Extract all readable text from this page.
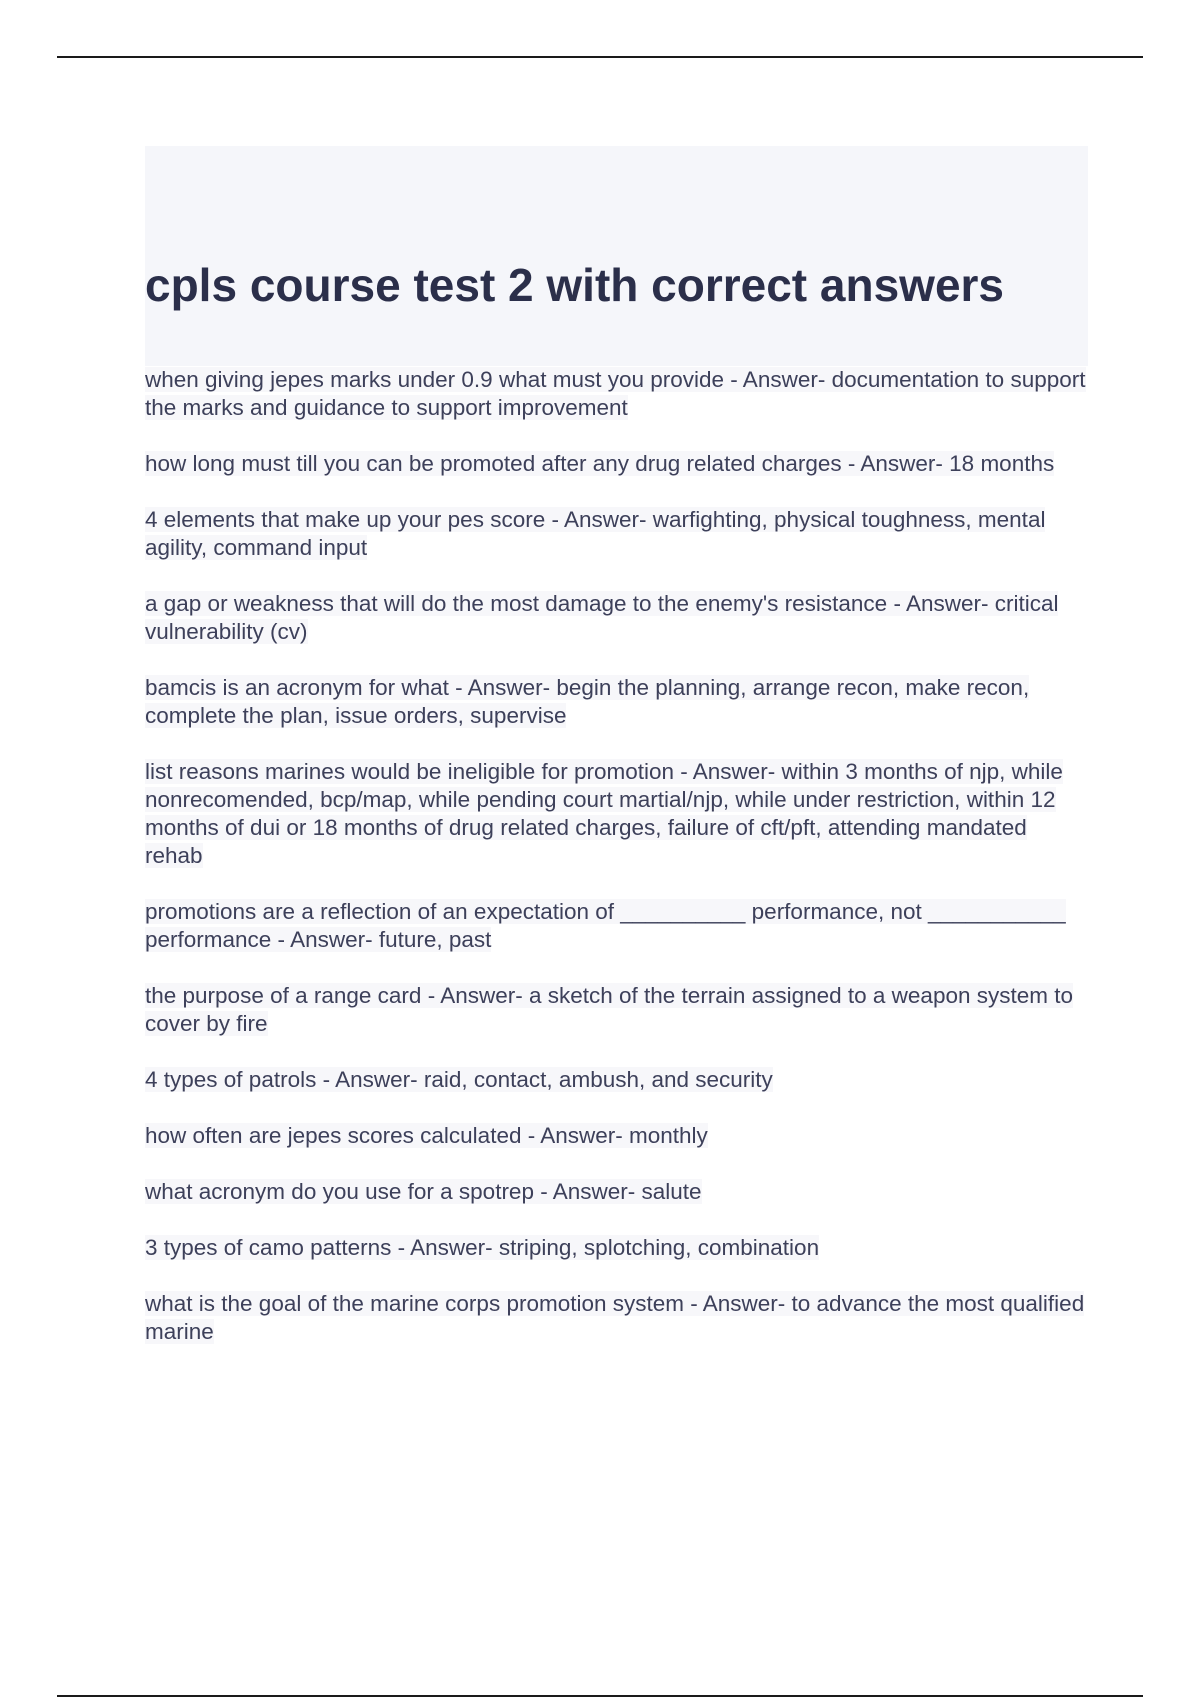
cpls course test 2 with correct answers
when giving jepes marks under 0.9 what must you provide - Answer- documentation to support the marks and guidance to support improvement
how long must till you can be promoted after any drug related charges - Answer- 18 months
4 elements that make up your pes score - Answer- warfighting, physical toughness, mental agility, command input
a gap or weakness that will do the most damage to the enemy's resistance - Answer- critical vulnerability (cv)
bamcis is an acronym for what - Answer- begin the planning, arrange recon, make recon, complete the plan, issue orders, supervise
list reasons marines would be ineligible for promotion - Answer- within 3 months of njp, while nonrecomended, bcp/map, while pending court martial/njp, while under restriction, within 12 months of dui or 18 months of drug related charges, failure of cft/pft, attending mandated rehab
promotions are a reflection of an expectation of __________ performance, not ___________ performance - Answer- future, past
the purpose of a range card - Answer- a sketch of the terrain assigned to a weapon system to cover by fire
4 types of patrols - Answer- raid, contact, ambush, and security
how often are jepes scores calculated - Answer- monthly
what acronym do you use for a spotrep - Answer- salute
3 types of camo patterns - Answer- striping, splotching, combination
what is the goal of the marine corps promotion system - Answer- to advance the most qualified marine
